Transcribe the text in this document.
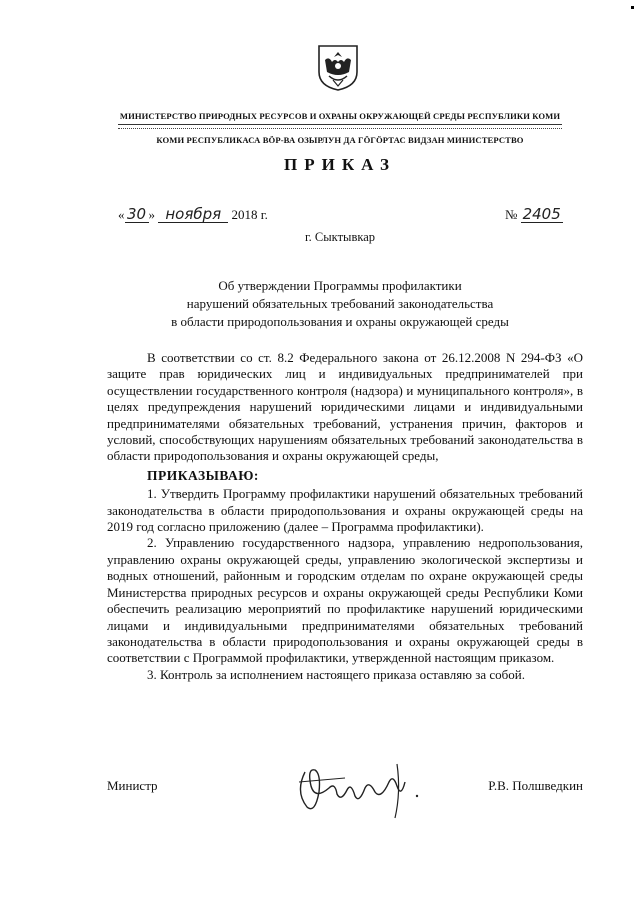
МИНИСТЕРСТВО ПРИРОДНЫХ РЕСУРСОВ И ОХРАНЫ ОКРУЖАЮЩЕЙ СРЕДЫ РЕСПУБЛИКИ КОМИ
КОМИ РЕСПУБЛИКАСА ВӦР-ВА ОЗЫРЛУН ДА ГӦГӦРТАС ВИДЗАН МИНИСТЕРСТВО
ПРИКАЗ
« 30 » ноября 2018 г.	№ 2405
г. Сыктывкар
Об утверждении Программы профилактики
нарушений обязательных требований законодательства
в области природопользования и охраны окружающей среды

В соответствии со ст. 8.2 Федерального закона от 26.12.2008 N 294-ФЗ «О защите прав юридических лиц и индивидуальных предпринимателей при осуществлении государственного контроля (надзора) и муниципального контроля», в целях предупреждения нарушений юридическими лицами и индивидуальными предпринимателями обязательных требований, устранения причин, факторов и условий, способствующих нарушениям обязательных требований законодательства в области природопользования и охраны окружающей среды,

ПРИКАЗЫВАЮ:

1. Утвердить Программу профилактики нарушений обязательных требований законодательства в области природопользования и охраны окружающей среды на 2019 год согласно приложению (далее – Программа профилактики).

2. Управлению государственного надзора, управлению недропользования, управлению охраны окружающей среды, управлению экологической экспертизы и водных отношений, районным и городским отделам по охране окружающей среды Министерства природных ресурсов и охраны окружающей среды Республики Коми обеспечить реализацию мероприятий по профилактике нарушений юридическими лицами и индивидуальными предпринимателями обязательных требований законодательства в области природопользования и охраны окружающей среды в соответствии с Программой профилактики, утвержденной настоящим приказом.

3. Контроль за исполнением настоящего приказа оставляю за собой.

Министр	Р.В. Полшведкин
